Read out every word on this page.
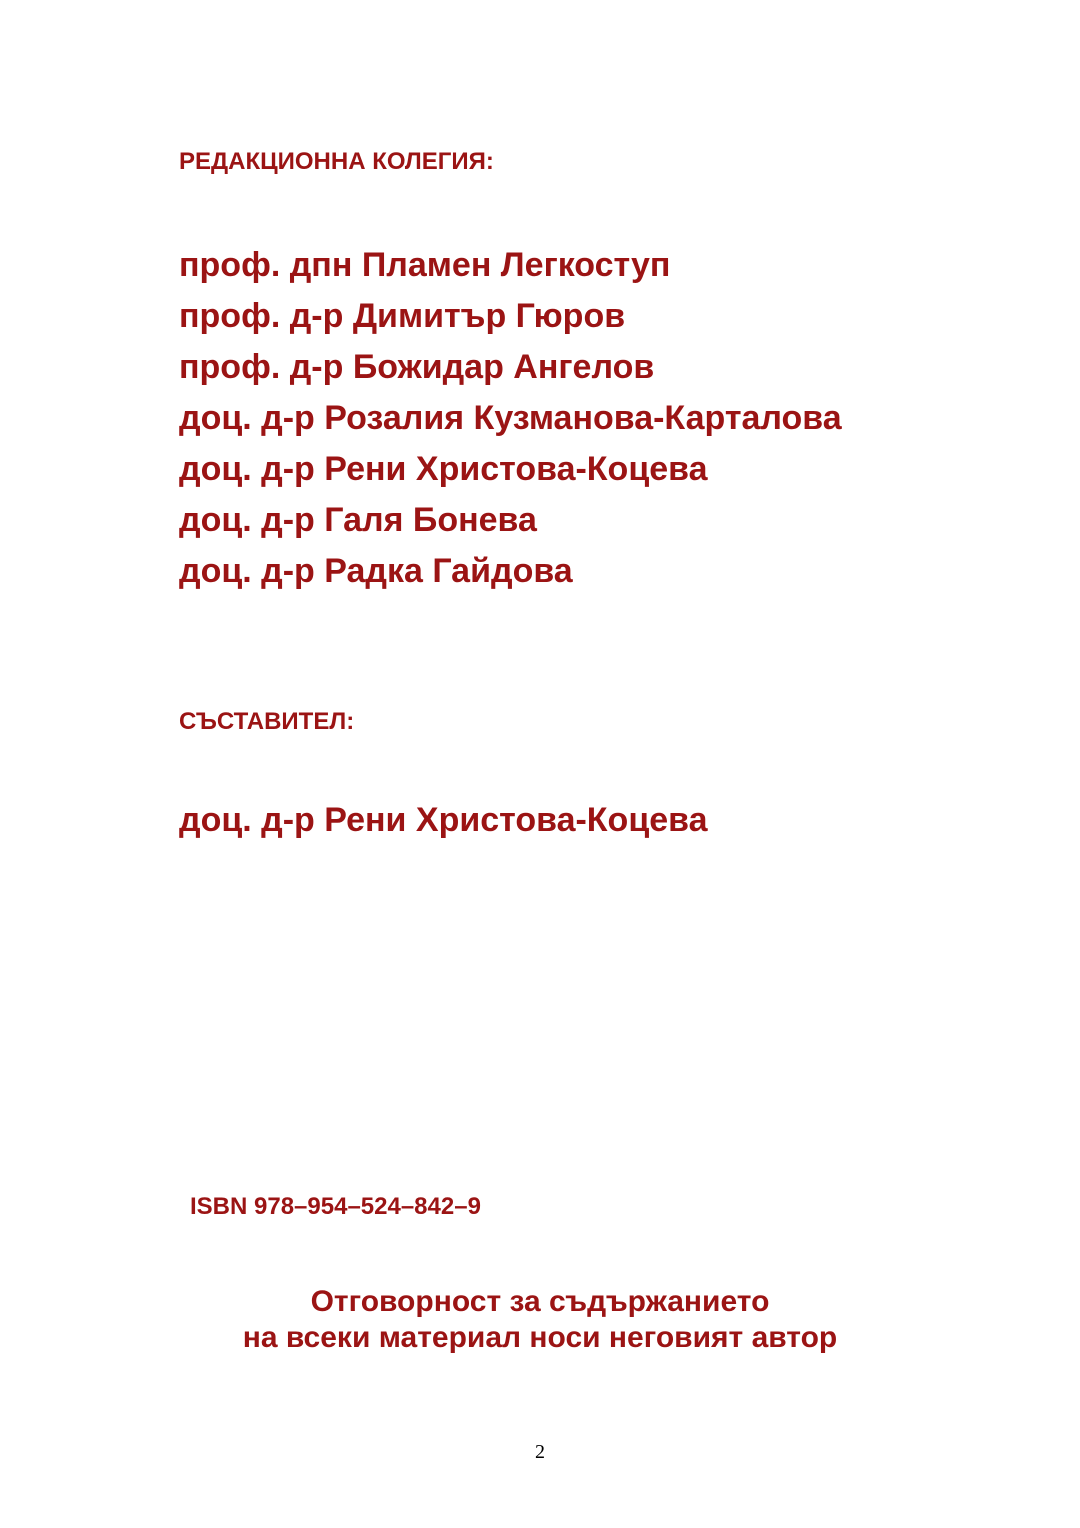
РЕДАКЦИОННА КОЛЕГИЯ:
проф. дпн Пламен Легкоступ
проф. д-р Димитър Гюров
проф. д-р Божидар Ангелов
доц. д-р Розалия Кузманова-Карталова
доц. д-р Рени Христова-Коцева
доц. д-р Галя Бонева
доц. д-р Радка Гайдова
СЪСТАВИТЕЛ:
доц. д-р Рени Христова-Коцева
ISBN 978–954–524–842–9
Отговорност за съдържанието
на всеки материал носи неговият автор
2
